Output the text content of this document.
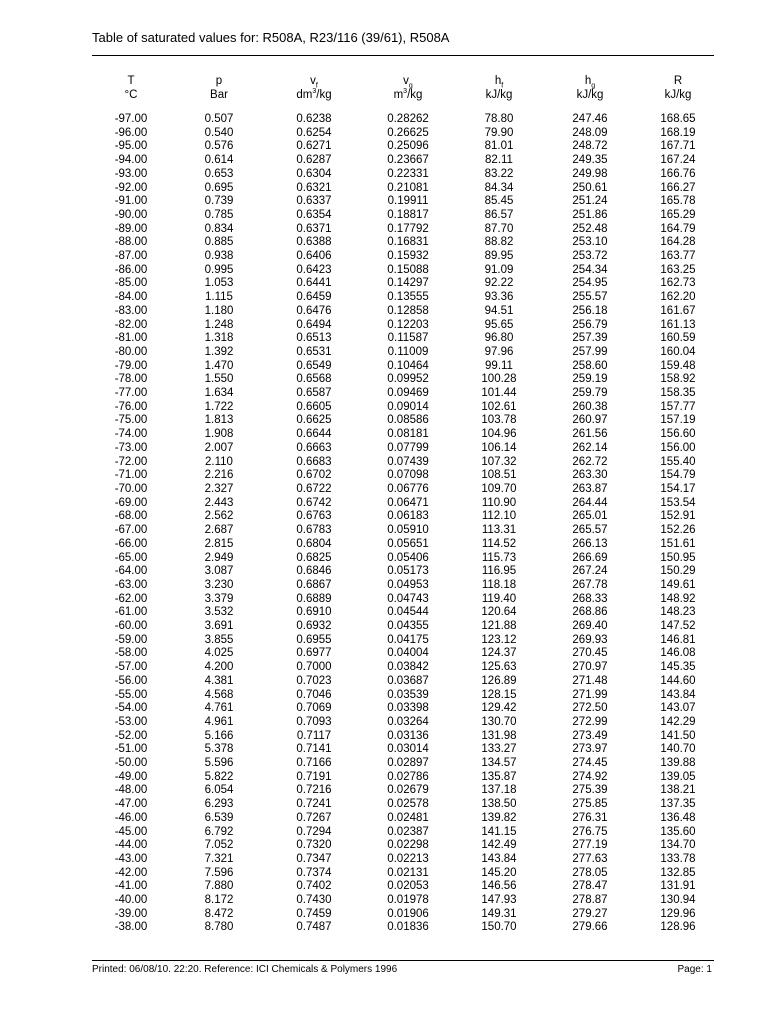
Table of saturated values for: R508A, R23/116 (39/61), R508A
T	p	$v_f$	$v_g$	$h_f$	$h_g$	R
°C	Bar	$dm^3/kg$	$m^3/kg$	kJ/kg	kJ/kg	kJ/kg
-97.00	0.507	0.6238	0.28262	78.80	247.46	168.65
-96.00	0.540	0.6254	0.26625	79.90	248.09	168.19
-95.00	0.576	0.6271	0.25096	81.01	248.72	167.71
-94.00	0.614	0.6287	0.23667	82.11	249.35	167.24
-93.00	0.653	0.6304	0.22331	83.22	249.98	166.76
-92.00	0.695	0.6321	0.21081	84.34	250.61	166.27
-91.00	0.739	0.6337	0.19911	85.45	251.24	165.78
-90.00	0.785	0.6354	0.18817	86.57	251.86	165.29
-89.00	0.834	0.6371	0.17792	87.70	252.48	164.79
-88.00	0.885	0.6388	0.16831	88.82	253.10	164.28
-87.00	0.938	0.6406	0.15932	89.95	253.72	163.77
-86.00	0.995	0.6423	0.15088	91.09	254.34	163.25
-85.00	1.053	0.6441	0.14297	92.22	254.95	162.73
-84.00	1.115	0.6459	0.13555	93.36	255.57	162.20
-83.00	1.180	0.6476	0.12858	94.51	256.18	161.67
-82.00	1.248	0.6494	0.12203	95.65	256.79	161.13
-81.00	1.318	0.6513	0.11587	96.80	257.39	160.59
-80.00	1.392	0.6531	0.11009	97.96	257.99	160.04
-79.00	1.470	0.6549	0.10464	99.11	258.60	159.48
-78.00	1.550	0.6568	0.09952	100.28	259.19	158.92
-77.00	1.634	0.6587	0.09469	101.44	259.79	158.35
-76.00	1.722	0.6605	0.09014	102.61	260.38	157.77
-75.00	1.813	0.6625	0.08586	103.78	260.97	157.19
-74.00	1.908	0.6644	0.08181	104.96	261.56	156.60
-73.00	2.007	0.6663	0.07799	106.14	262.14	156.00
-72.00	2.110	0.6683	0.07439	107.32	262.72	155.40
-71.00	2.216	0.6702	0.07098	108.51	263.30	154.79
-70.00	2.327	0.6722	0.06776	109.70	263.87	154.17
-69.00	2.443	0.6742	0.06471	110.90	264.44	153.54
-68.00	2.562	0.6763	0.06183	112.10	265.01	152.91
-67.00	2.687	0.6783	0.05910	113.31	265.57	152.26
-66.00	2.815	0.6804	0.05651	114.52	266.13	151.61
-65.00	2.949	0.6825	0.05406	115.73	266.69	150.95
-64.00	3.087	0.6846	0.05173	116.95	267.24	150.29
-63.00	3.230	0.6867	0.04953	118.18	267.78	149.61
-62.00	3.379	0.6889	0.04743	119.40	268.33	148.92
-61.00	3.532	0.6910	0.04544	120.64	268.86	148.23
-60.00	3.691	0.6932	0.04355	121.88	269.40	147.52
-59.00	3.855	0.6955	0.04175	123.12	269.93	146.81
-58.00	4.025	0.6977	0.04004	124.37	270.45	146.08
-57.00	4.200	0.7000	0.03842	125.63	270.97	145.35
-56.00	4.381	0.7023	0.03687	126.89	271.48	144.60
-55.00	4.568	0.7046	0.03539	128.15	271.99	143.84
-54.00	4.761	0.7069	0.03398	129.42	272.50	143.07
-53.00	4.961	0.7093	0.03264	130.70	272.99	142.29
-52.00	5.166	0.7117	0.03136	131.98	273.49	141.50
-51.00	5.378	0.7141	0.03014	133.27	273.97	140.70
-50.00	5.596	0.7166	0.02897	134.57	274.45	139.88
-49.00	5.822	0.7191	0.02786	135.87	274.92	139.05
-48.00	6.054	0.7216	0.02679	137.18	275.39	138.21
-47.00	6.293	0.7241	0.02578	138.50	275.85	137.35
-46.00	6.539	0.7267	0.02481	139.82	276.31	136.48
-45.00	6.792	0.7294	0.02387	141.15	276.75	135.60
-44.00	7.052	0.7320	0.02298	142.49	277.19	134.70
-43.00	7.321	0.7347	0.02213	143.84	277.63	133.78
-42.00	7.596	0.7374	0.02131	145.20	278.05	132.85
-41.00	7.880	0.7402	0.02053	146.56	278.47	131.91
-40.00	8.172	0.7430	0.01978	147.93	278.87	130.94
-39.00	8.472	0.7459	0.01906	149.31	279.27	129.96
-38.00	8.780	0.7487	0.01836	150.70	279.66	128.96
Printed: 06/08/10. 22:20. Reference: ICI Chemicals & Polymers 1996	Page: 1
